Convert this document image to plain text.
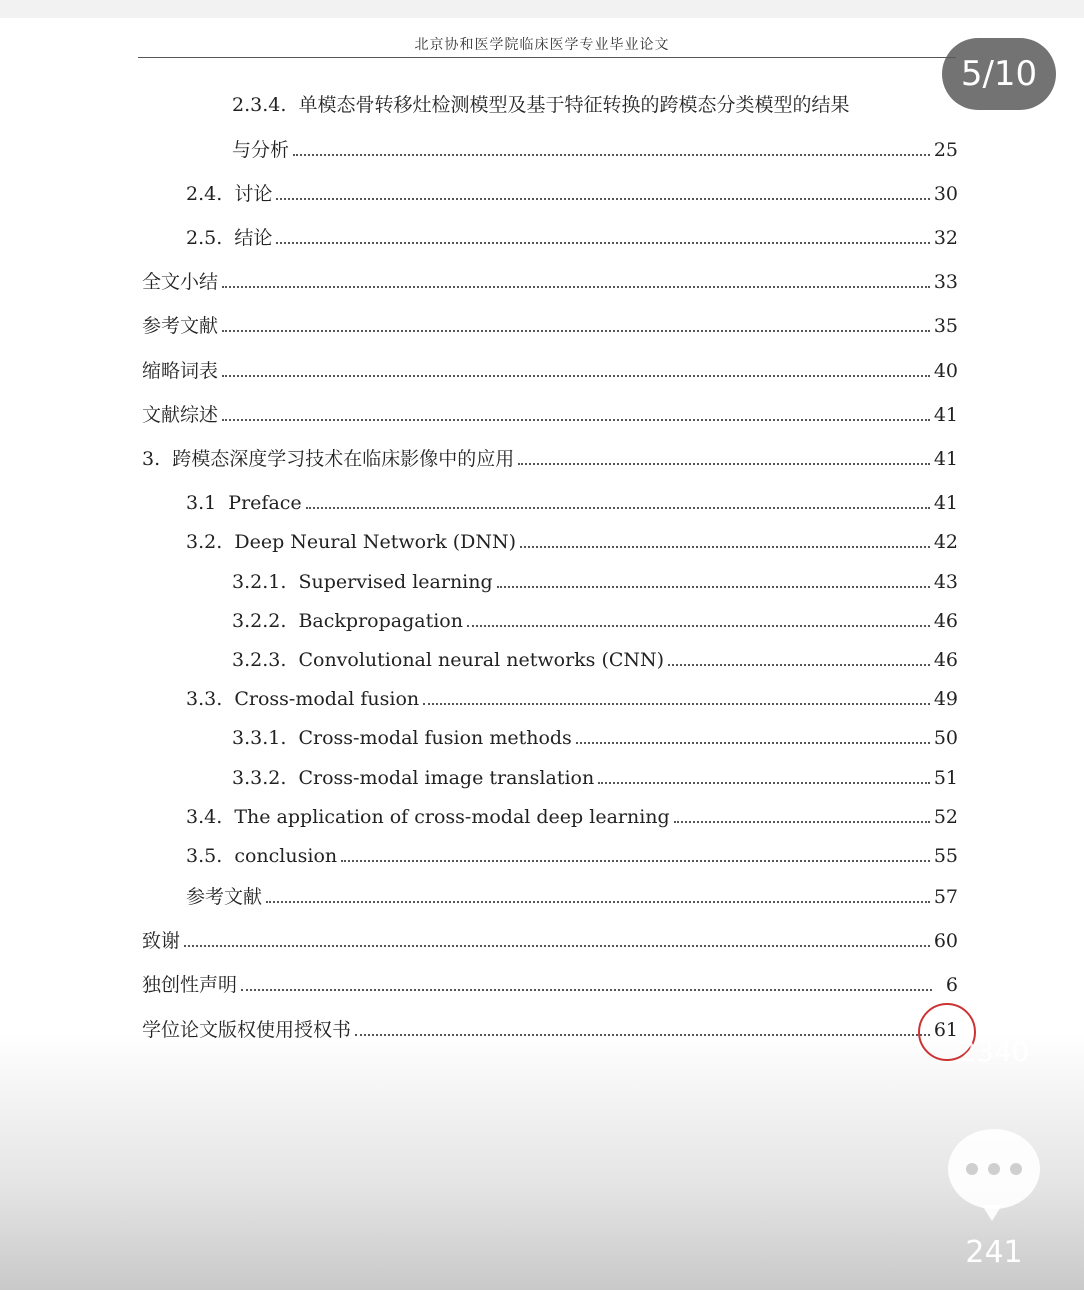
北京协和医学院临床医学专业毕业论文
2.3.4.  单模态骨转移灶检测模型及基于特征转换的跨模态分类模型的结果
与分析	25
2.4. 讨论	30
2.5. 结论	32
全文小结	33
参考文献	35
缩略词表	40
文献综述	41
3. 跨模态深度学习技术在临床影像中的应用	41
3.1 Preface	41
3.2. Deep Neural Network (DNN)	42
3.2.1. Supervised learning	43
3.2.2. Backpropagation	46
3.2.3. Convolutional neural networks (CNN)	46
3.3. Cross-modal fusion	49
3.3.1. Cross-modal fusion methods	50
3.3.2. Cross-modal image translation	51
3.4. The application of cross-modal deep learning	52
3.5. conclusion	55
参考文献	57
致谢	60
独创性声明	6
学位论文版权使用授权书	61
5/10
2340
241
